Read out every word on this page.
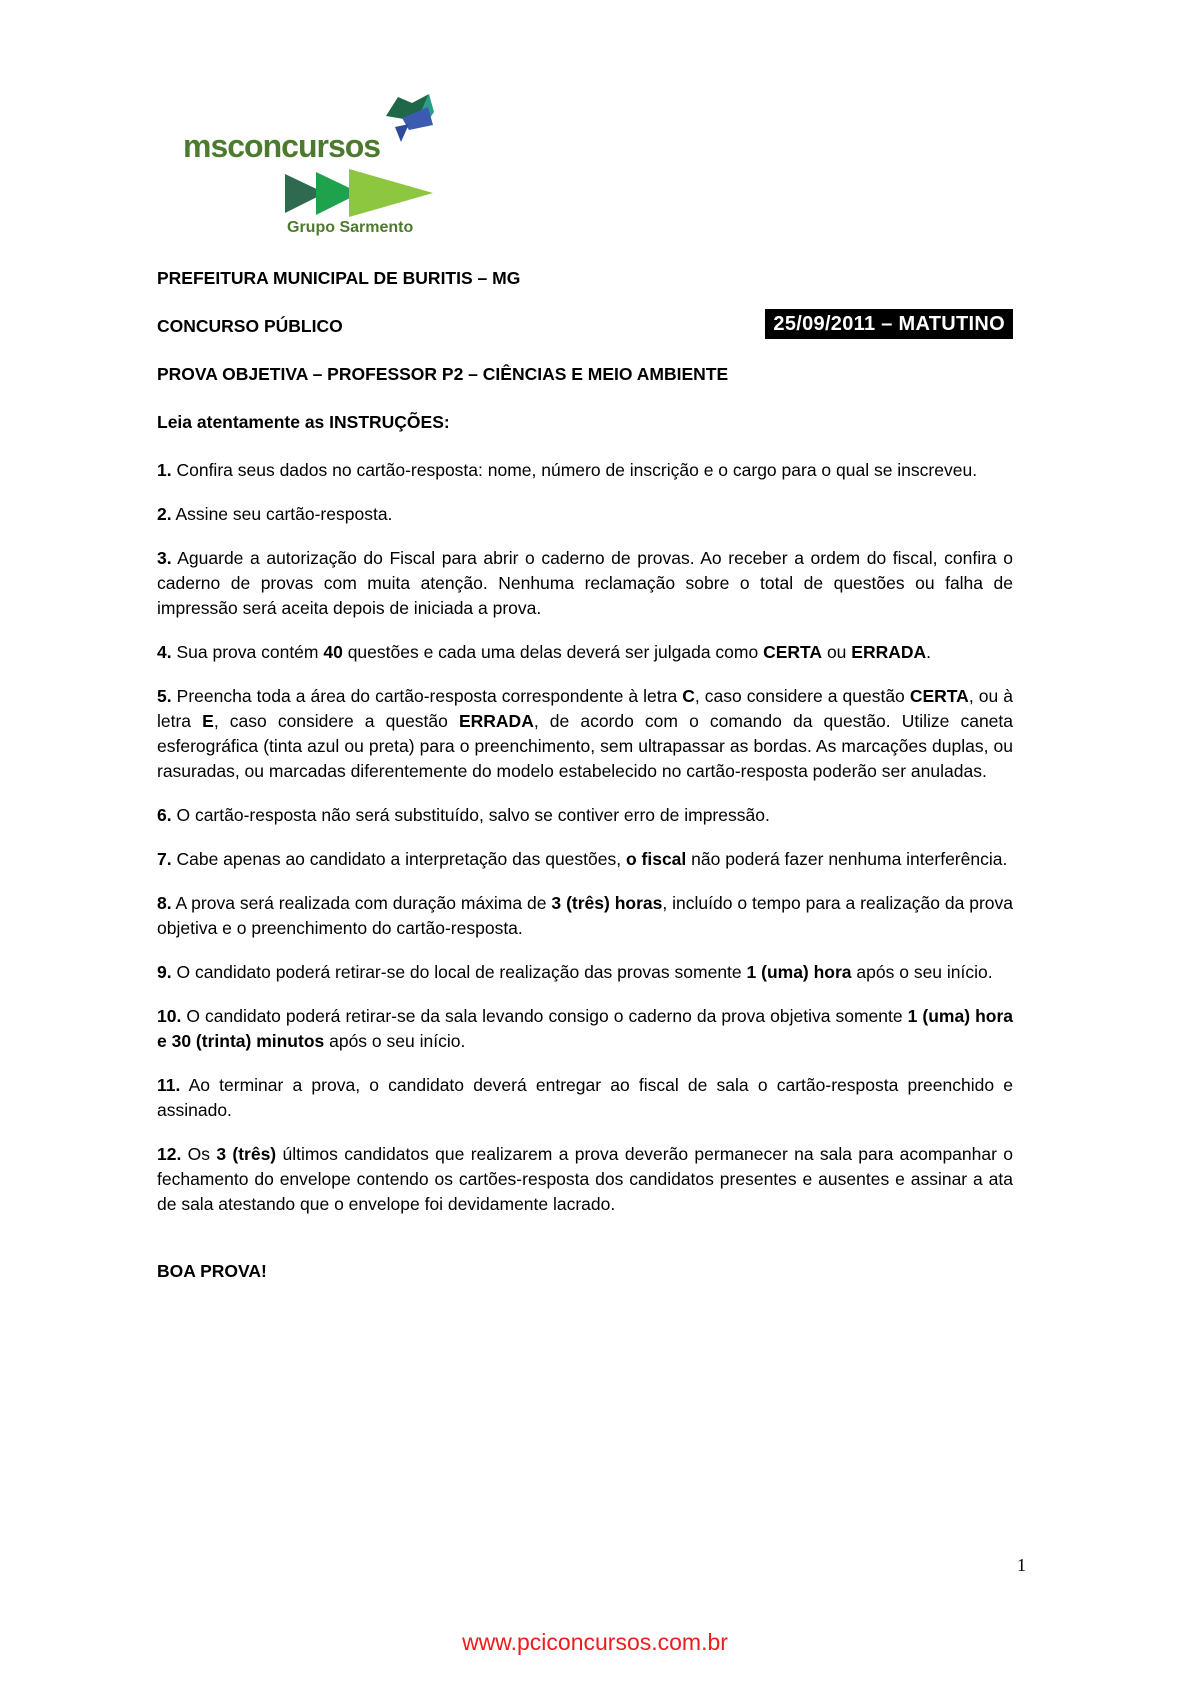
msconcursos
Grupo Sarmento

PREFEITURA MUNICIPAL DE BURITIS – MG

CONCURSO PÚBLICO	25/09/2011 – MATUTINO

PROVA OBJETIVA – PROFESSOR P2 – CIÊNCIAS E MEIO AMBIENTE

Leia atentamente as INSTRUÇÕES:

1. Confira seus dados no cartão-resposta: nome, número de inscrição e o cargo para o qual se inscreveu.

2. Assine seu cartão-resposta.

3. Aguarde a autorização do Fiscal para abrir o caderno de provas. Ao receber a ordem do fiscal, confira o caderno de provas com muita atenção. Nenhuma reclamação sobre o total de questões ou falha de impressão será aceita depois de iniciada a prova.

4. Sua prova contém 40 questões e cada uma delas deverá ser julgada como CERTA ou ERRADA.

5. Preencha toda a área do cartão-resposta correspondente à letra C, caso considere a questão CERTA, ou à letra E, caso considere a questão ERRADA, de acordo com o comando da questão. Utilize caneta esferográfica (tinta azul ou preta) para o preenchimento, sem ultrapassar as bordas. As marcações duplas, ou rasuradas, ou marcadas diferentemente do modelo estabelecido no cartão-resposta poderão ser anuladas.

6. O cartão-resposta não será substituído, salvo se contiver erro de impressão.

7. Cabe apenas ao candidato a interpretação das questões, o fiscal não poderá fazer nenhuma interferência.

8. A prova será realizada com duração máxima de 3 (três) horas, incluído o tempo para a realização da prova objetiva e o preenchimento do cartão-resposta.

9. O candidato poderá retirar-se do local de realização das provas somente 1 (uma) hora após o seu início.

10. O candidato poderá retirar-se da sala levando consigo o caderno da prova objetiva somente 1 (uma) hora e 30 (trinta) minutos após o seu início.

11. Ao terminar a prova, o candidato deverá entregar ao fiscal de sala o cartão-resposta preenchido e assinado.

12. Os 3 (três) últimos candidatos que realizarem a prova deverão permanecer na sala para acompanhar o fechamento do envelope contendo os cartões-resposta dos candidatos presentes e ausentes e assinar a ata de sala atestando que o envelope foi devidamente lacrado.

BOA PROVA!

1
www.pciconcursos.com.br
